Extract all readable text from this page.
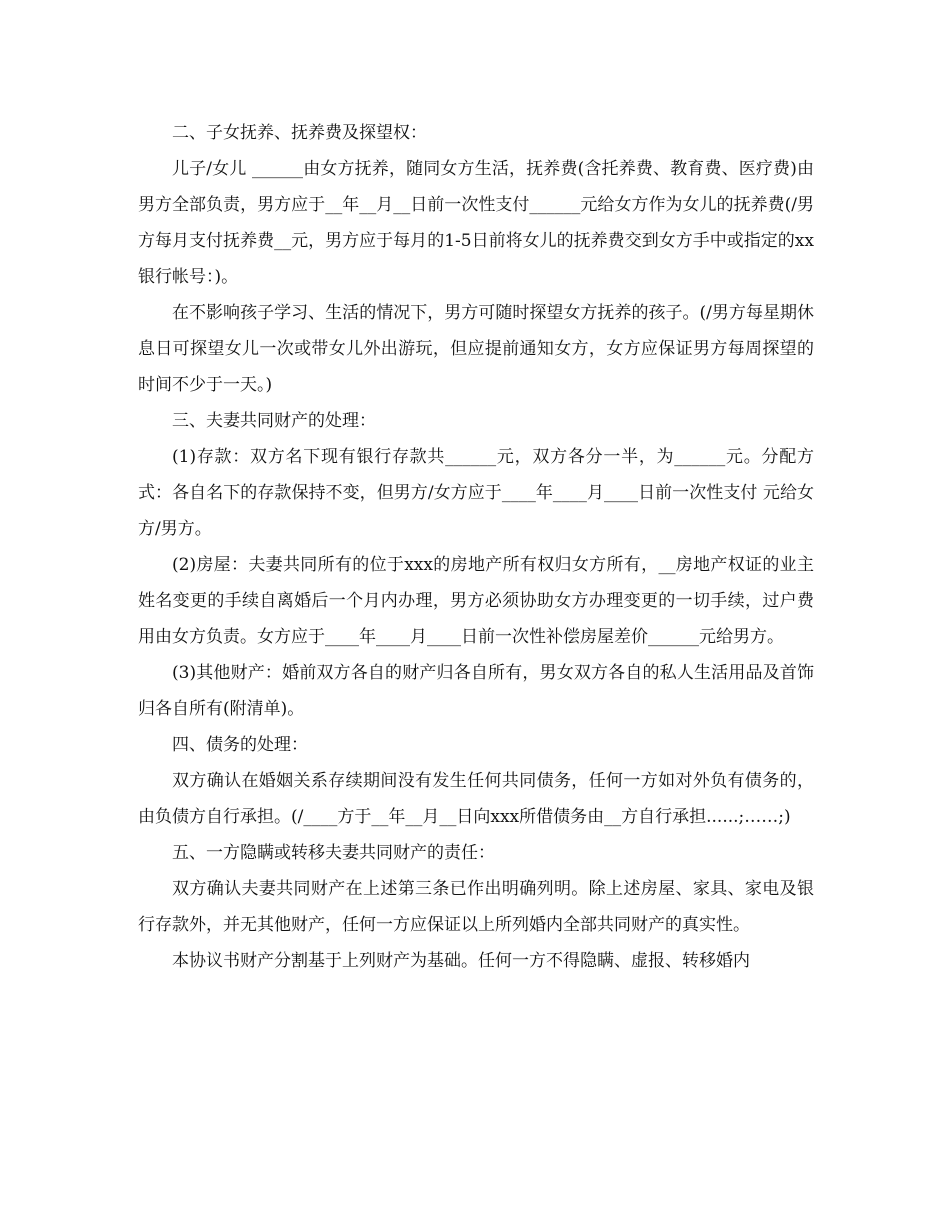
二、子女抚养、抚养费及探望权：

儿子/女儿 ______由女方抚养，随同女方生活，抚养费(含托养费、教育费、医疗费)由男方全部负责，男方应于__年__月__日前一次性支付______元给女方作为女儿的抚养费(/男方每月支付抚养费__元，男方应于每月的1-5日前将女儿的抚养费交到女方手中或指定的xx银行帐号：)。

在不影响孩子学习、生活的情况下，男方可随时探望女方抚养的孩子。(/男方每星期休息日可探望女儿一次或带女儿外出游玩，但应提前通知女方，女方应保证男方每周探望的时间不少于一天。)

三、夫妻共同财产的处理：

(1)存款：双方名下现有银行存款共______元，双方各分一半，为______元。分配方式：各自名下的存款保持不变，但男方/女方应于____年____月____日前一次性支付 元给女方/男方。

(2)房屋：夫妻共同所有的位于xxx的房地产所有权归女方所有，__房地产权证的业主姓名变更的手续自离婚后一个月内办理，男方必须协助女方办理变更的一切手续，过户费用由女方负责。女方应于____年____月____日前一次性补偿房屋差价______元给男方。

(3)其他财产：婚前双方各自的财产归各自所有，男女双方各自的私人生活用品及首饰归各自所有(附清单)。

四、债务的处理：

双方确认在婚姻关系存续期间没有发生任何共同债务，任何一方如对外负有债务的，由负债方自行承担。(/____方于__年__月__日向xxx所借债务由__方自行承担......;……;)

五、一方隐瞒或转移夫妻共同财产的责任：

双方确认夫妻共同财产在上述第三条已作出明确列明。除上述房屋、家具、家电及银行存款外，并无其他财产，任何一方应保证以上所列婚内全部共同财产的真实性。

本协议书财产分割基于上列财产为基础。任何一方不得隐瞒、虚报、转移婚内
